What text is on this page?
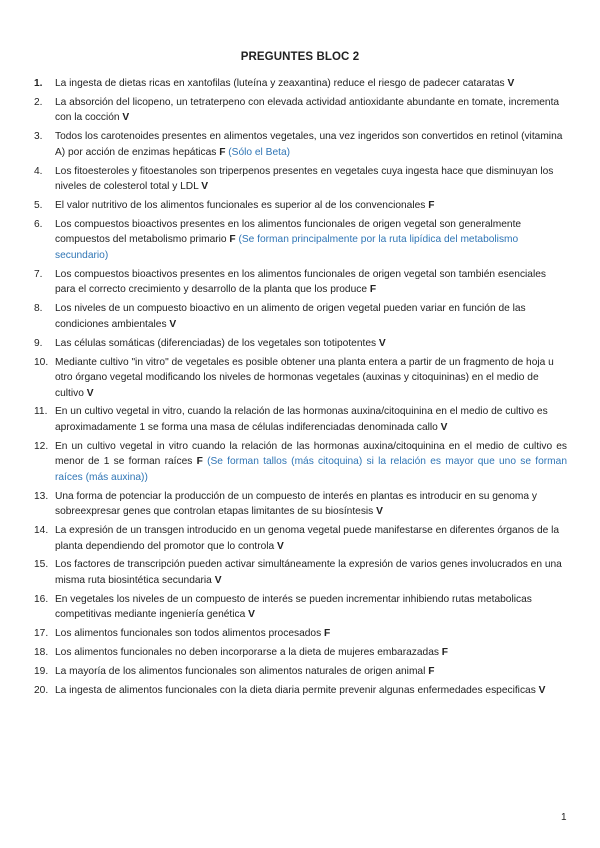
PREGUNTES BLOC 2
1. La ingesta de dietas ricas en xantofilas (luteína y zeaxantina) reduce el riesgo de padecer cataratas V
2. La absorción del licopeno, un tetraterpeno con elevada actividad antioxidante abundante en tomate, incrementa con la cocción V
3. Todos los carotenoides presentes en alimentos vegetales, una vez ingeridos son convertidos en retinol (vitamina A) por acción de enzimas hepáticas F (Sólo el Beta)
4. Los fitoesteroles y fitoestanoles son triperpenos presentes en vegetales cuya ingesta hace que disminuyan los niveles de colesterol total y LDL V
5. El valor nutritivo de los alimentos funcionales es superior al de los convencionales F
6. Los compuestos bioactivos presentes en los alimentos funcionales de origen vegetal son generalmente compuestos del metabolismo primario F (Se forman principalmente por la ruta lipídica del metabolismo secundario)
7. Los compuestos bioactivos presentes en los alimentos funcionales de origen vegetal son también esenciales para el correcto crecimiento y desarrollo de la planta que los produce F
8. Los niveles de un compuesto bioactivo en un alimento de origen vegetal pueden variar en función de las condiciones ambientales V
9. Las células somáticas (diferenciadas) de los vegetales son totipotentes V
10. Mediante cultivo "in vitro" de vegetales es posible obtener una planta entera a partir de un fragmento de hoja u otro órgano vegetal modificando los niveles de hormonas vegetales (auxinas y citoquininas) en el medio de cultivo V
11. En un cultivo vegetal in vitro, cuando la relación de las hormonas auxina/citoquinina en el medio de cultivo es aproximadamente 1 se forma una masa de células indiferenciadas denominada callo V
12. En un cultivo vegetal in vitro cuando la relación de las hormonas auxina/citoquinina en el medio de cultivo es menor de 1 se forman raíces F (Se forman tallos (más citoquina) si la relación es mayor que uno se forman raíces (más auxina))
13. Una forma de potenciar la producción de un compuesto de interés en plantas es introducir en su genoma y sobreexpresar genes que controlan etapas limitantes de su biosíntesis V
14. La expresión de un transgen introducido en un genoma vegetal puede manifestarse en diferentes órganos de la planta dependiendo del promotor que lo controla V
15. Los factores de transcripción pueden activar simultáneamente la expresión de varios genes involucrados en una misma ruta biosintética secundaria V
16. En vegetales los niveles de un compuesto de interés se pueden incrementar inhibiendo rutas metabolicas competitivas mediante ingeniería genética V
17. Los alimentos funcionales son todos alimentos procesados F
18. Los alimentos funcionales no deben incorporarse a la dieta de mujeres embarazadas F
19. La mayoría de los alimentos funcionales son alimentos naturales de origen animal F
20. La ingesta de alimentos funcionales con la dieta diaria permite prevenir algunas enfermedades especificas V
1
